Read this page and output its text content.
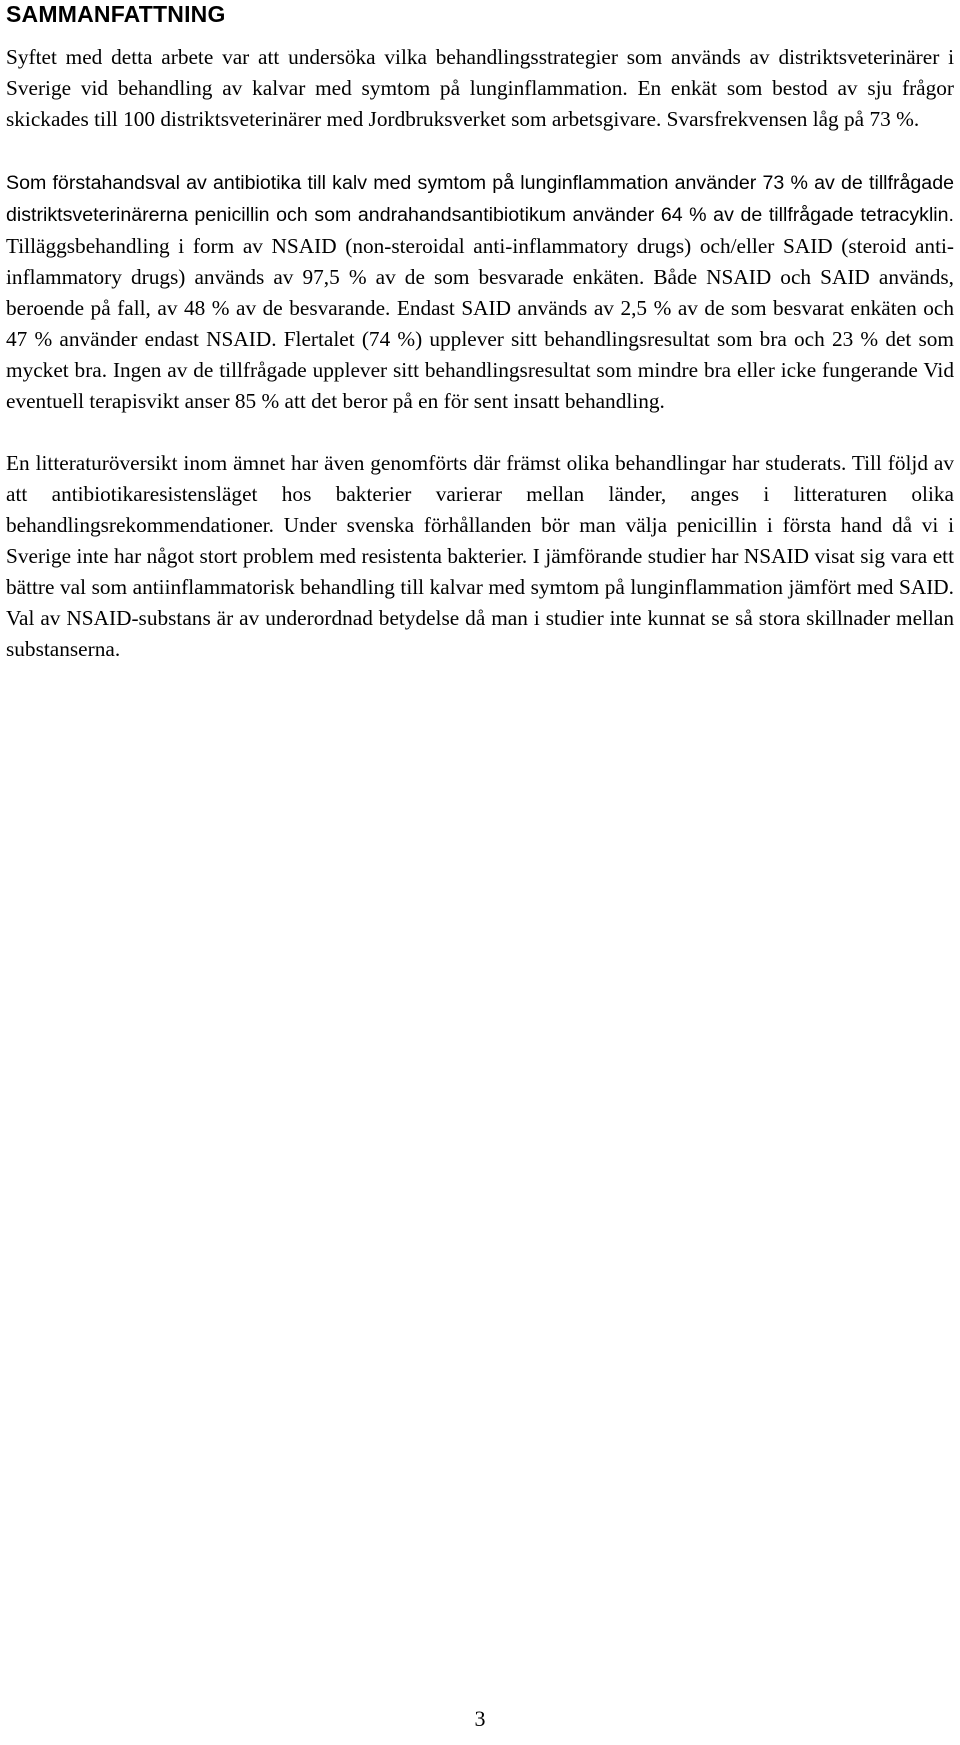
SAMMANFATTNING

Syftet med detta arbete var att undersöka vilka behandlingsstrategier som används av distriktsveterinärer i Sverige vid behandling av kalvar med symtom på lunginflammation. En enkät som bestod av sju frågor skickades till 100 distriktsveterinärer med Jordbruksverket som arbetsgivare. Svarsfrekvensen låg på 73 %.

Som förstahandsval av antibiotika till kalv med symtom på lunginflammation använder 73 % av de tillfrågade distriktsveterinärerna penicillin och som andrahandsantibiotikum använder 64 % av de tillfrågade tetracyklin. Tilläggsbehandling i form av NSAID (non-steroidal anti-inflammatory drugs) och/eller SAID (steroid anti-inflammatory drugs) används av 97,5 % av de som besvarade enkäten. Både NSAID och SAID används, beroende på fall, av 48 % av de besvarande. Endast SAID används av 2,5 % av de som besvarat enkäten och 47 % använder endast NSAID. Flertalet (74 %) upplever sitt behandlingsresultat som bra och 23 % det som mycket bra. Ingen av de tillfrågade upplever sitt behandlingsresultat som mindre bra eller icke fungerande Vid eventuell terapisvikt anser 85 % att det beror på en för sent insatt behandling.

En litteraturöversikt inom ämnet har även genomförts där främst olika behandlingar har studerats. Till följd av att antibiotikaresistensläget hos bakterier varierar mellan länder, anges i litteraturen olika behandlingsrekommendationer. Under svenska förhållanden bör man välja penicillin i första hand då vi i Sverige inte har något stort problem med resistenta bakterier. I jämförande studier har NSAID visat sig vara ett bättre val som antiinflammatorisk behandling till kalvar med symtom på lunginflammation jämfört med SAID. Val av NSAID-substans är av underordnad betydelse då man i studier inte kunnat se så stora skillnader mellan substanserna.

3
